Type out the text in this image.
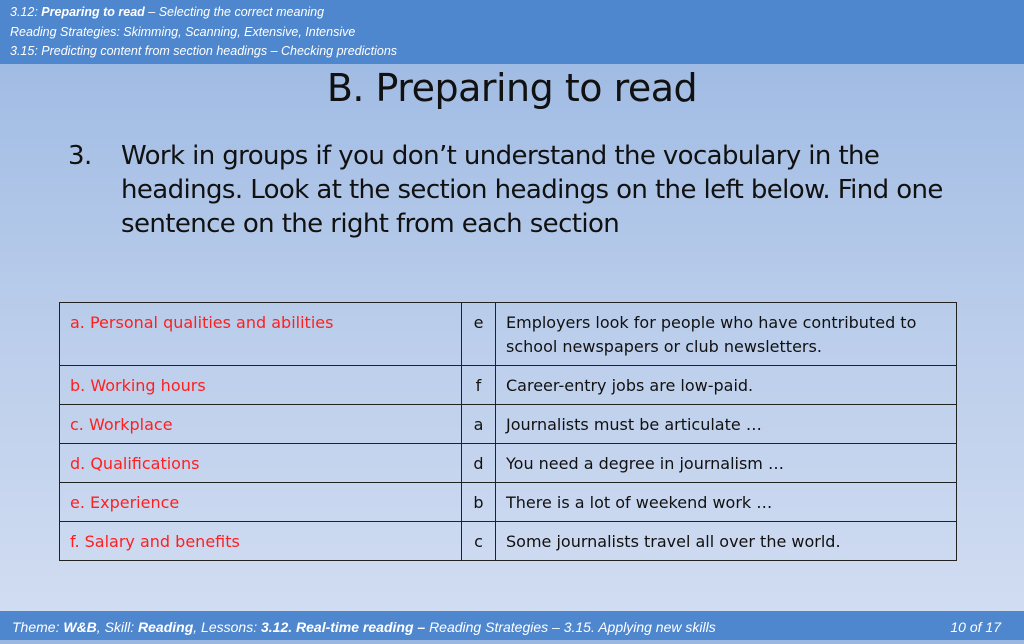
3.12: Preparing to read – Selecting the correct meaning
Reading Strategies: Skimming, Scanning, Extensive, Intensive
3.15: Predicting content from section headings – Checking predictions
B. Preparing to read
3.	Work in groups if you don’t understand the vocabulary in the headings. Look at the section headings on the left below. Find one sentence on the right from each section
a. Personal qualities and abilities	e	Employers look for people who have contributed to school newspapers or club newsletters.
b. Working hours	f	Career-entry jobs are low-paid.
c. Workplace	a	Journalists must be articulate …
d. Qualifications	d	You need a degree in journalism …
e. Experience	b	There is a lot of weekend work …
f. Salary and benefits	c	Some journalists travel all over the world.
Theme: W&B, Skill: Reading, Lessons: 3.12. Real-time reading – Reading Strategies – 3.15. Applying new skills	10 of 17
